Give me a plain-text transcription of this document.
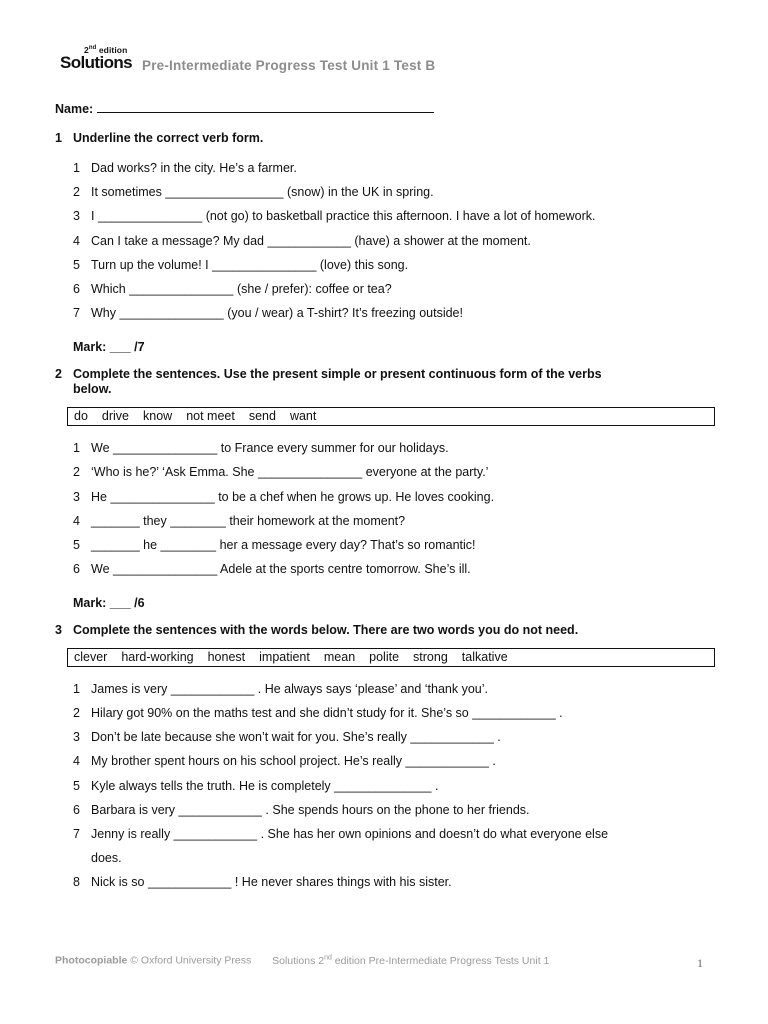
2nd edition
Solutions Pre-Intermediate Progress Test Unit 1 Test B
Name:
1 Underline the correct verb form.
1 Dad works? in the city. He’s a farmer.
2 It sometimes _________________ (snow) in the UK in spring.
3 I _______________ (not go) to basketball practice this afternoon. I have a lot of homework.
4 Can I take a message? My dad ____________ (have) a shower at the moment.
5 Turn up the volume! I _______________ (love) this song.
6 Which _______________ (she / prefer): coffee or tea?
7 Why _______________ (you / wear) a T-shirt? It’s freezing outside!
Mark: ___ /7
2 Complete the sentences. Use the present simple or present continuous form of the verbs
below.
do drive know not meet send want
1 We _______________ to France every summer for our holidays.
2 ‘Who is he?’ ‘Ask Emma. She _______________ everyone at the party.’
3 He _______________ to be a chef when he grows up. He loves cooking.
4 _______ they ________ their homework at the moment?
5 _______ he ________ her a message every day? That’s so romantic!
6 We _______________ Adele at the sports centre tomorrow. She’s ill.
Mark: ___ /6
3 Complete the sentences with the words below. There are two words you do not need.
clever hard-working honest impatient mean polite strong talkative
1 James is very ____________ . He always says ‘please’ and ‘thank you’.
2 Hilary got 90% on the maths test and she didn’t study for it. She’s so ____________ .
3 Don’t be late because she won’t wait for you. She’s really ____________ .
4 My brother spent hours on his school project. He’s really ____________ .
5 Kyle always tells the truth. He is completely ______________ .
6 Barbara is very ____________ . She spends hours on the phone to her friends.
7 Jenny is really ____________ . She has her own opinions and doesn’t do what everyone else
does.
8 Nick is so ____________ ! He never shares things with his sister.
Photocopiable © Oxford University Press Solutions 2nd edition Pre-Intermediate Progress Tests Unit 1	1
